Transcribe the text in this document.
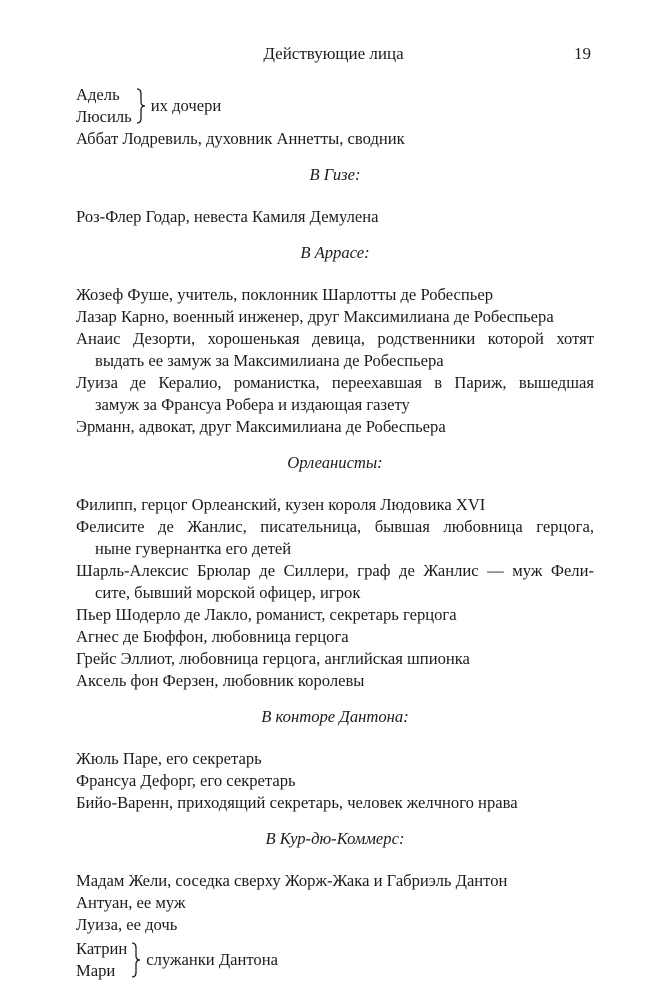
Действующие лица	19
Адель
Люсиль
их дочери
Аббат Лодревиль, духовник Аннетты, сводник
В Гизе:
Роз-Флер Годар, невеста Камиля Демулена
В Аррасе:
Жозеф Фуше, учитель, поклонник Шарлотты де Робеспьер
Лазар Карно, военный инженер, друг Максимилиана де Робеспьера
Анаис Дезорти, хорошенькая девица, родственники которой хотят
выдать ее замуж за Максимилиана де Робеспьера
Луиза де Кералио, романистка, переехавшая в Париж, вышедшая
замуж за Франсуа Робера и издающая газету
Эрманн, адвокат, друг Максимилиана де Робеспьера
Орлеанисты:
Филипп, герцог Орлеанский, кузен короля Людовика XVI
Фелисите де Жанлис, писательница, бывшая любовница герцога,
ныне гувернантка его детей
Шарль-Алексис Брюлар де Силлери, граф де Жанлис — муж Фели-
сите, бывший морской офицер, игрок
Пьер Шодерло де Лакло, романист, секретарь герцога
Агнес де Бюффон, любовница герцога
Грейс Эллиот, любовница герцога, английская шпионка
Аксель фон Ферзен, любовник королевы
В конторе Дантона:
Жюль Паре, его секретарь
Франсуа Дефорг, его секретарь
Бийо-Варенн, приходящий секретарь, человек желчного нрава
В Кур-дю-Коммерс:
Мадам Жели, соседка сверху Жорж-Жака и Габриэль Дантон
Антуан, ее муж
Луиза, ее дочь
Катрин
Мари
служанки Дантона
